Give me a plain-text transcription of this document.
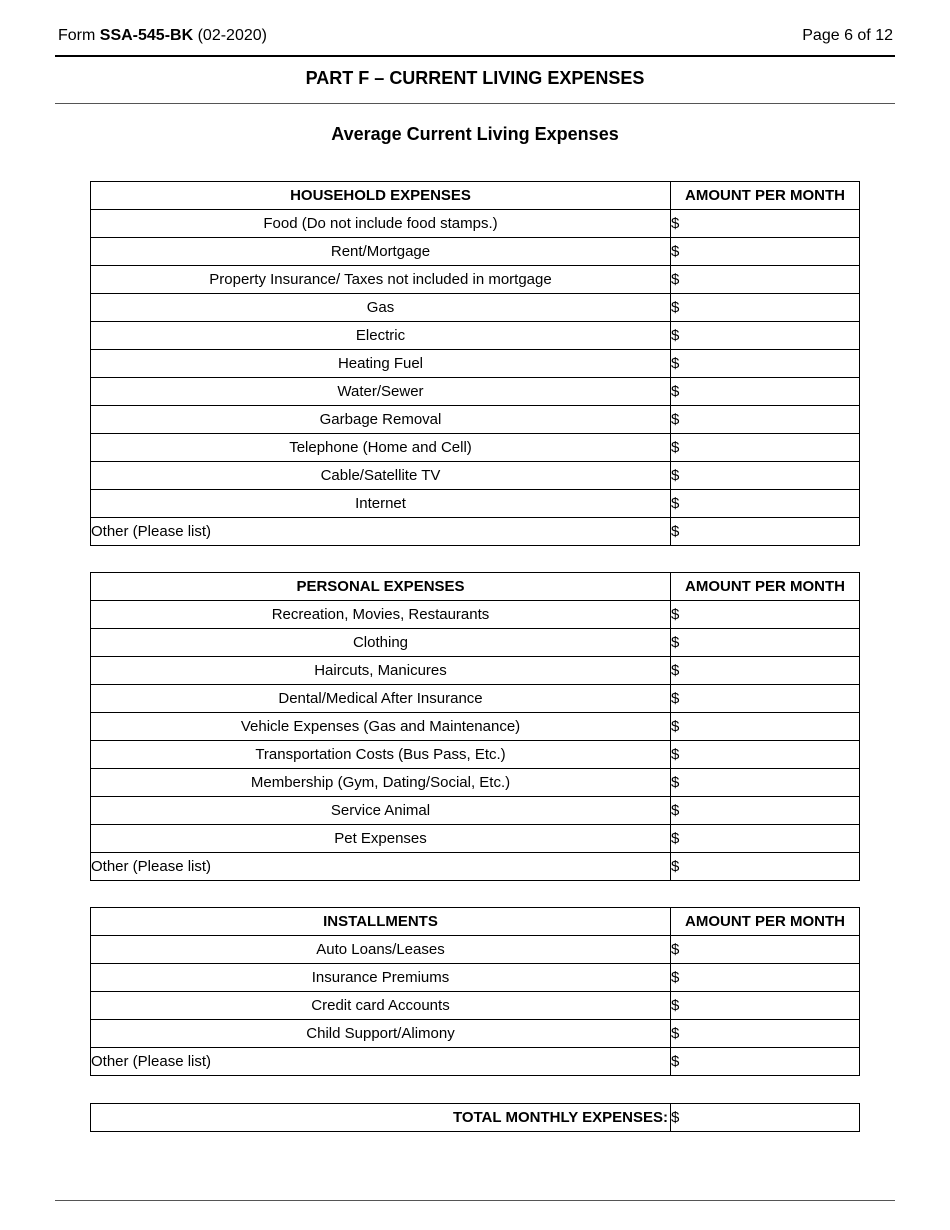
Form SSA-545-BK (02-2020)	Page 6 of 12
PART F – CURRENT LIVING EXPENSES
Average Current Living Expenses
HOUSEHOLD EXPENSES	AMOUNT PER MONTH
Food (Do not include food stamps.)	$
Rent/Mortgage	$
Property Insurance/ Taxes not included in mortgage	$
Gas	$
Electric	$
Heating Fuel	$
Water/Sewer	$
Garbage Removal	$
Telephone (Home and Cell)	$
Cable/Satellite TV	$
Internet	$
Other (Please list)	$
PERSONAL EXPENSES	AMOUNT PER MONTH
Recreation, Movies, Restaurants	$
Clothing	$
Haircuts, Manicures	$
Dental/Medical After Insurance	$
Vehicle Expenses (Gas and Maintenance)	$
Transportation Costs (Bus Pass, Etc.)	$
Membership (Gym, Dating/Social, Etc.)	$
Service Animal	$
Pet Expenses	$
Other (Please list)	$
INSTALLMENTS	AMOUNT PER MONTH
Auto Loans/Leases	$
Insurance Premiums	$
Credit card Accounts	$
Child Support/Alimony	$
Other (Please list)	$
TOTAL MONTHLY EXPENSES:	$
